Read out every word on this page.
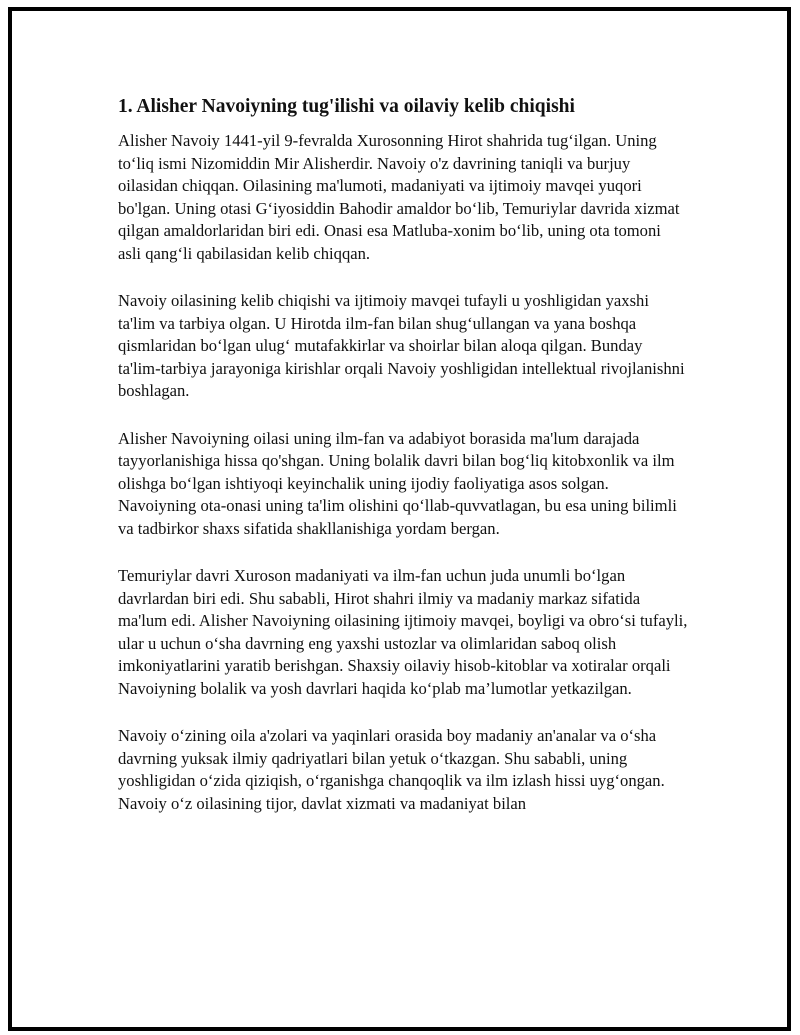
1. Alisher Navoiyning tug'ilishi va oilaviy kelib chiqishi

Alisher Navoiy 1441-yil 9-fevralda Xurosonning Hirot shahrida tug‘ilgan. Uning to‘liq ismi Nizomiddin Mir Alisherdir. Navoiy o'z davrining taniqli va burjuy oilasidan chiqqan. Oilasining ma'lumoti, madaniyati va ijtimoiy mavqei yuqori bo'lgan. Uning otasi G‘iyosiddin Bahodir amaldor bo‘lib, Temuriylar davrida xizmat qilgan amaldorlaridan biri edi. Onasi esa Matluba-xonim bo‘lib, uning ota tomoni asli qang‘li qabilasidan kelib chiqqan.

Navoiy oilasining kelib chiqishi va ijtimoiy mavqei tufayli u yoshligidan yaxshi ta'lim va tarbiya olgan. U Hirotda ilm-fan bilan shug‘ullangan va yana boshqa qismlaridan bo‘lgan ulug‘ mutafakkirlar va shoirlar bilan aloqa qilgan. Bunday ta'lim-tarbiya jarayoniga kirishlar orqali Navoiy yoshligidan intellektual rivojlanishni boshlagan.

Alisher Navoiyning oilasi uning ilm-fan va adabiyot borasida ma'lum darajada tayyorlanishiga hissa qo'shgan. Uning bolalik davri bilan bog‘liq kitobxonlik va ilm olishga bo‘lgan ishtiyoqi keyinchalik uning ijodiy faoliyatiga asos solgan. Navoiyning ota-onasi uning ta'lim olishini qo‘llab-quvvatlagan, bu esa uning bilimli va tadbirkor shaxs sifatida shakllanishiga yordam bergan.

Temuriylar davri Xuroson madaniyati va ilm-fan uchun juda unumli bo‘lgan davrlardan biri edi. Shu sababli, Hirot shahri ilmiy va madaniy markaz sifatida ma'lum edi. Alisher Navoiyning oilasining ijtimoiy mavqei, boyligi va obro‘si tufayli, ular u uchun o‘sha davrning eng yaxshi ustozlar va olimlaridan saboq olish imkoniyatlarini yaratib berishgan. Shaxsiy oilaviy hisob-kitoblar va xotiralar orqali Navoiyning bolalik va yosh davrlari haqida ko‘plab ma’lumotlar yetkazilgan.

Navoiy o‘zining oila a'zolari va yaqinlari orasida boy madaniy an'analar va o‘sha davrning yuksak ilmiy qadriyatlari bilan yetuk o‘tkazgan. Shu sababli, uning yoshligidan o‘zida qiziqish, o‘rganishga chanqoqlik va ilm izlash hissi uyg‘ongan. Navoiy o‘z oilasining tijor, davlat xizmati va madaniyat bilan
